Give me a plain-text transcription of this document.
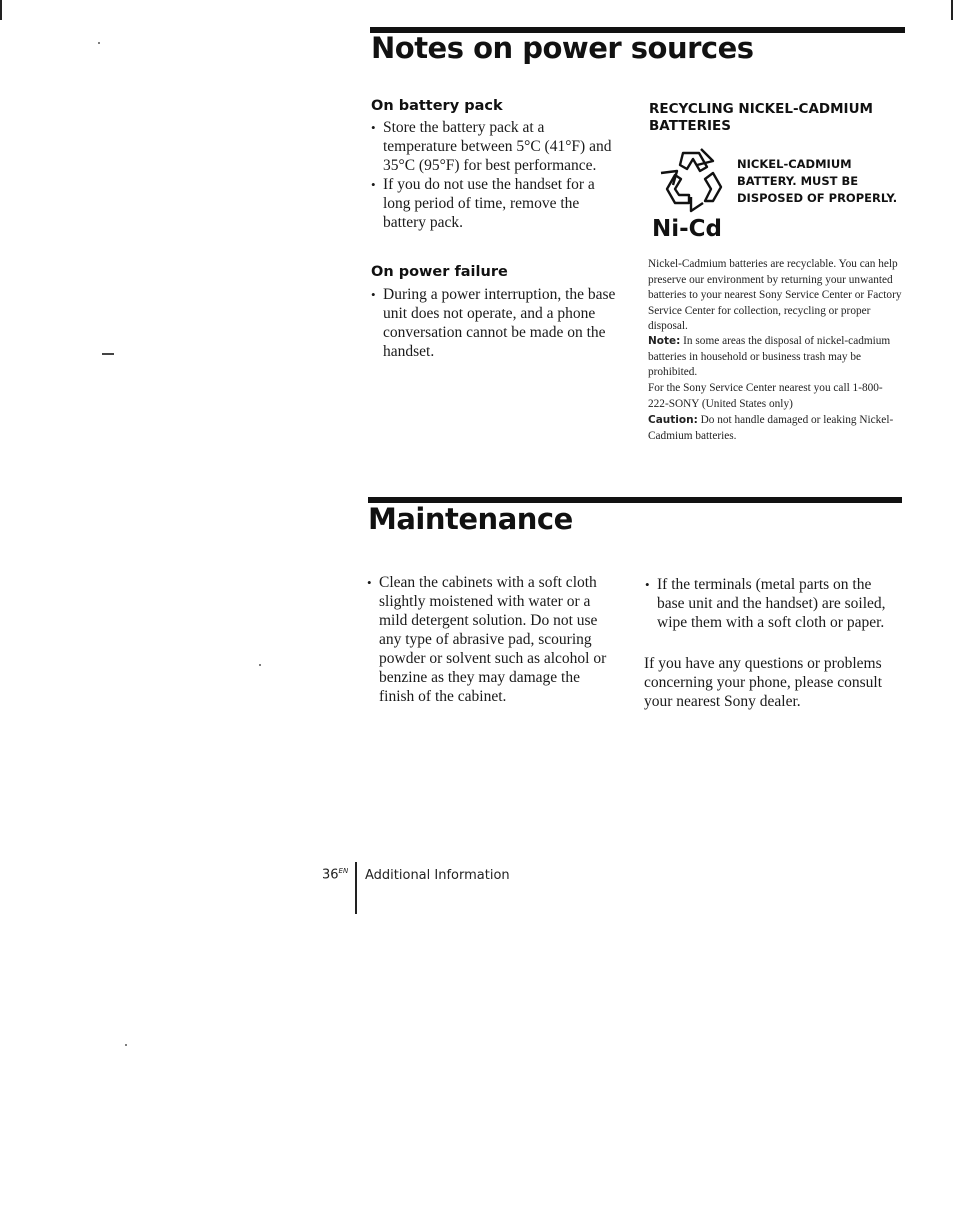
Notes on power sources
On battery pack
• Store the battery pack at a temperature between 5°C (41°F) and 35°C (95°F) for best performance.
• If you do not use the handset for a long period of time, remove the battery pack.
On power failure
• During a power interruption, the base unit does not operate, and a phone conversation cannot be made on the handset.
RECYCLING NICKEL-CADMIUM BATTERIES
NICKEL-CADMIUM BATTERY. MUST BE DISPOSED OF PROPERLY.
Ni-Cd
Nickel-Cadmium batteries are recyclable. You can help preserve our environment by returning your unwanted batteries to your nearest Sony Service Center or Factory Service Center for collection, recycling or proper disposal.
Note: In some areas the disposal of nickel-cadmium batteries in household or business trash may be prohibited.
For the Sony Service Center nearest you call 1-800-222-SONY (United States only)
Caution: Do not handle damaged or leaking Nickel-Cadmium batteries.
Maintenance
• Clean the cabinets with a soft cloth slightly moistened with water or a mild detergent solution. Do not use any type of abrasive pad, scouring powder or solvent such as alcohol or benzine as they may damage the finish of the cabinet.
• If the terminals (metal parts on the base unit and the handset) are soiled, wipe them with a soft cloth or paper.

If you have any questions or problems concerning your phone, please consult your nearest Sony dealer.

$36^{EN}$ Additional Information
